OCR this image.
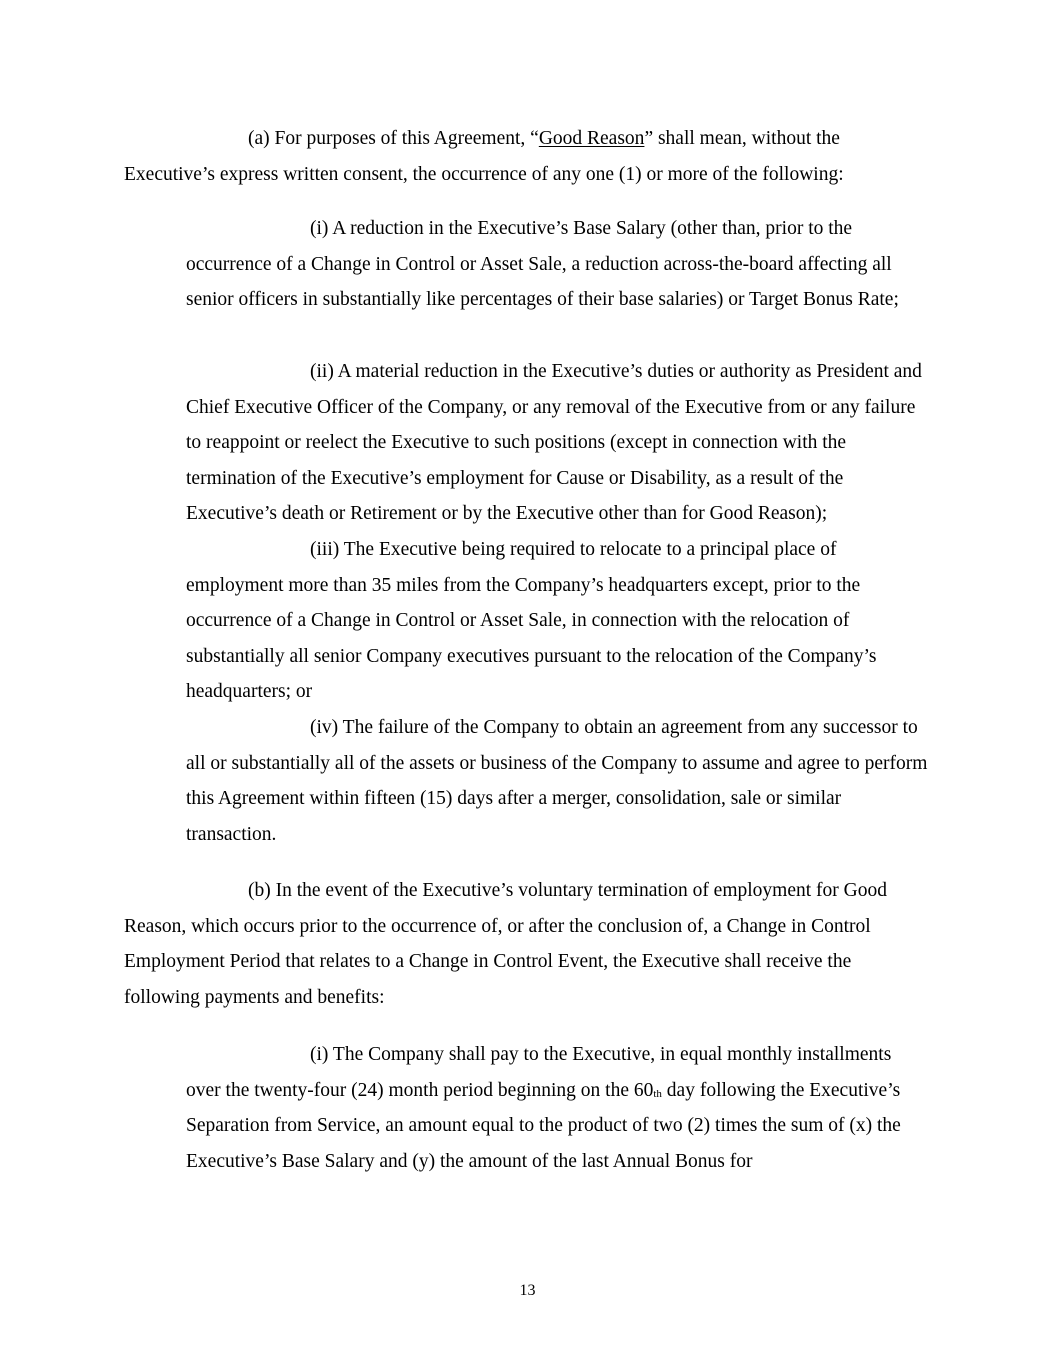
(a) For purposes of this Agreement, “Good Reason” shall mean, without the Executive’s express written consent, the occurrence of any one (1) or more of the following:

(i) A reduction in the Executive’s Base Salary (other than, prior to the occurrence of a Change in Control or Asset Sale, a reduction across-the-board affecting all senior officers in substantially like percentages of their base salaries) or Target Bonus Rate;

(ii) A material reduction in the Executive’s duties or authority as President and Chief Executive Officer of the Company, or any removal of the Executive from or any failure to reappoint or reelect the Executive to such positions (except in connection with the termination of the Executive’s employment for Cause or Disability, as a result of the Executive’s death or Retirement or by the Executive other than for Good Reason);

(iii) The Executive being required to relocate to a principal place of employment more than 35 miles from the Company’s headquarters except, prior to the occurrence of a Change in Control or Asset Sale, in connection with the relocation of substantially all senior Company executives pursuant to the relocation of the Company’s headquarters; or

(iv) The failure of the Company to obtain an agreement from any successor to all or substantially all of the assets or business of the Company to assume and agree to perform this Agreement within fifteen (15) days after a merger, consolidation, sale or similar transaction.

(b) In the event of the Executive’s voluntary termination of employment for Good Reason, which occurs prior to the occurrence of, or after the conclusion of, a Change in Control Employment Period that relates to a Change in Control Event, the Executive shall receive the following payments and benefits:

(i) The Company shall pay to the Executive, in equal monthly installments over the twenty-four (24) month period beginning on the 60th day following the Executive’s Separation from Service, an amount equal to the product of two (2) times the sum of (x) the Executive’s Base Salary and (y) the amount of the last Annual Bonus for

13
